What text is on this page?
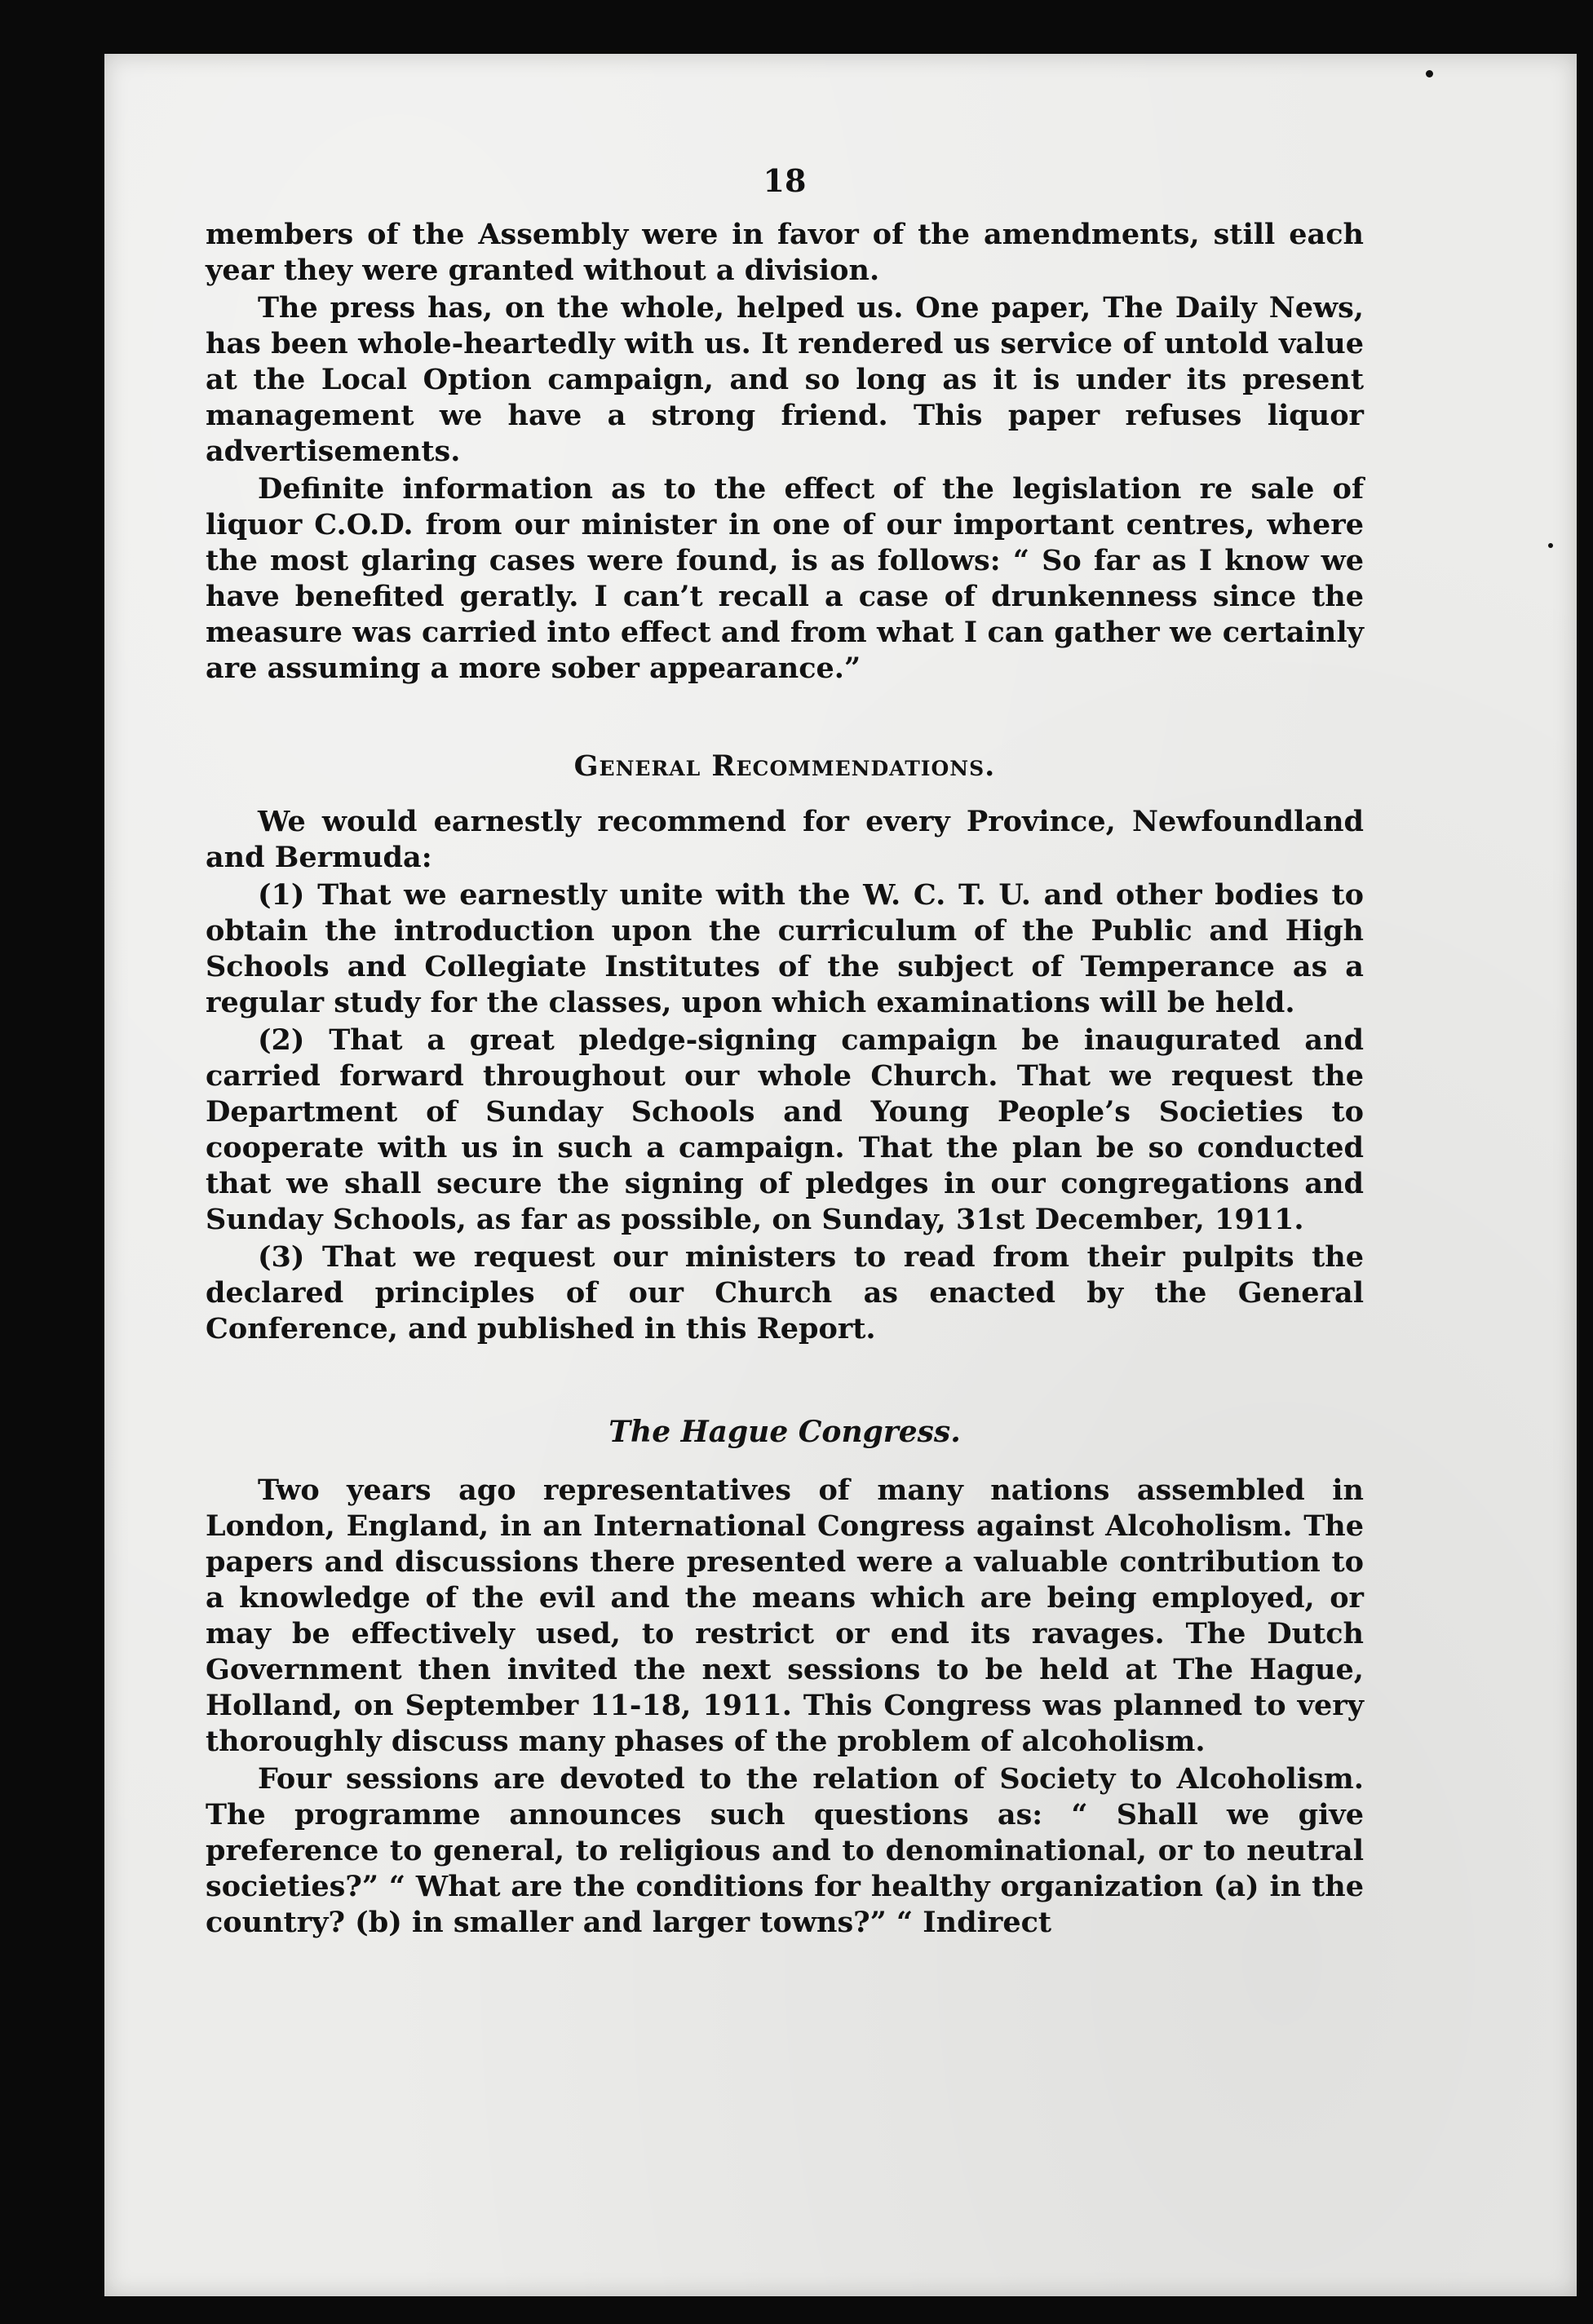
18

members of the Assembly were in favor of the amendments, still each year they were granted without a division.

The press has, on the whole, helped us. One paper, The Daily News, has been whole-heartedly with us. It rendered us service of untold value at the Local Option campaign, and so long as it is under its present management we have a strong friend. This paper refuses liquor advertisements.

Definite information as to the effect of the legislation re sale of liquor C.O.D. from our minister in one of our important centres, where the most glaring cases were found, is as follows: “ So far as I know we have benefited geratly. I can’t recall a case of drunkenness since the measure was carried into effect and from what I can gather we certainly are assuming a more sober appearance.”

General Recommendations.

We would earnestly recommend for every Province, Newfoundland and Bermuda:

(1) That we earnestly unite with the W. C. T. U. and other bodies to obtain the introduction upon the curriculum of the Public and High Schools and Collegiate Institutes of the subject of Temperance as a regular study for the classes, upon which examinations will be held.

(2) That a great pledge-signing campaign be inaugurated and carried forward throughout our whole Church. That we request the Department of Sunday Schools and Young People’s Societies to cooperate with us in such a campaign. That the plan be so conducted that we shall secure the signing of pledges in our congregations and Sunday Schools, as far as possible, on Sunday, 31st December, 1911.

(3) That we request our ministers to read from their pulpits the declared principles of our Church as enacted by the General Conference, and published in this Report.

The Hague Congress.

Two years ago representatives of many nations assembled in London, England, in an International Congress against Alcoholism. The papers and discussions there presented were a valuable contribution to a knowledge of the evil and the means which are being employed, or may be effectively used, to restrict or end its ravages. The Dutch Government then invited the next sessions to be held at The Hague, Holland, on September 11-18, 1911. This Congress was planned to very thoroughly discuss many phases of the problem of alcoholism.

Four sessions are devoted to the relation of Society to Alcoholism. The programme announces such questions as: “ Shall we give preference to general, to religious and to denominational, or to neutral societies?” “ What are the conditions for healthy organization (a) in the country? (b) in smaller and larger towns?” “ Indirect
